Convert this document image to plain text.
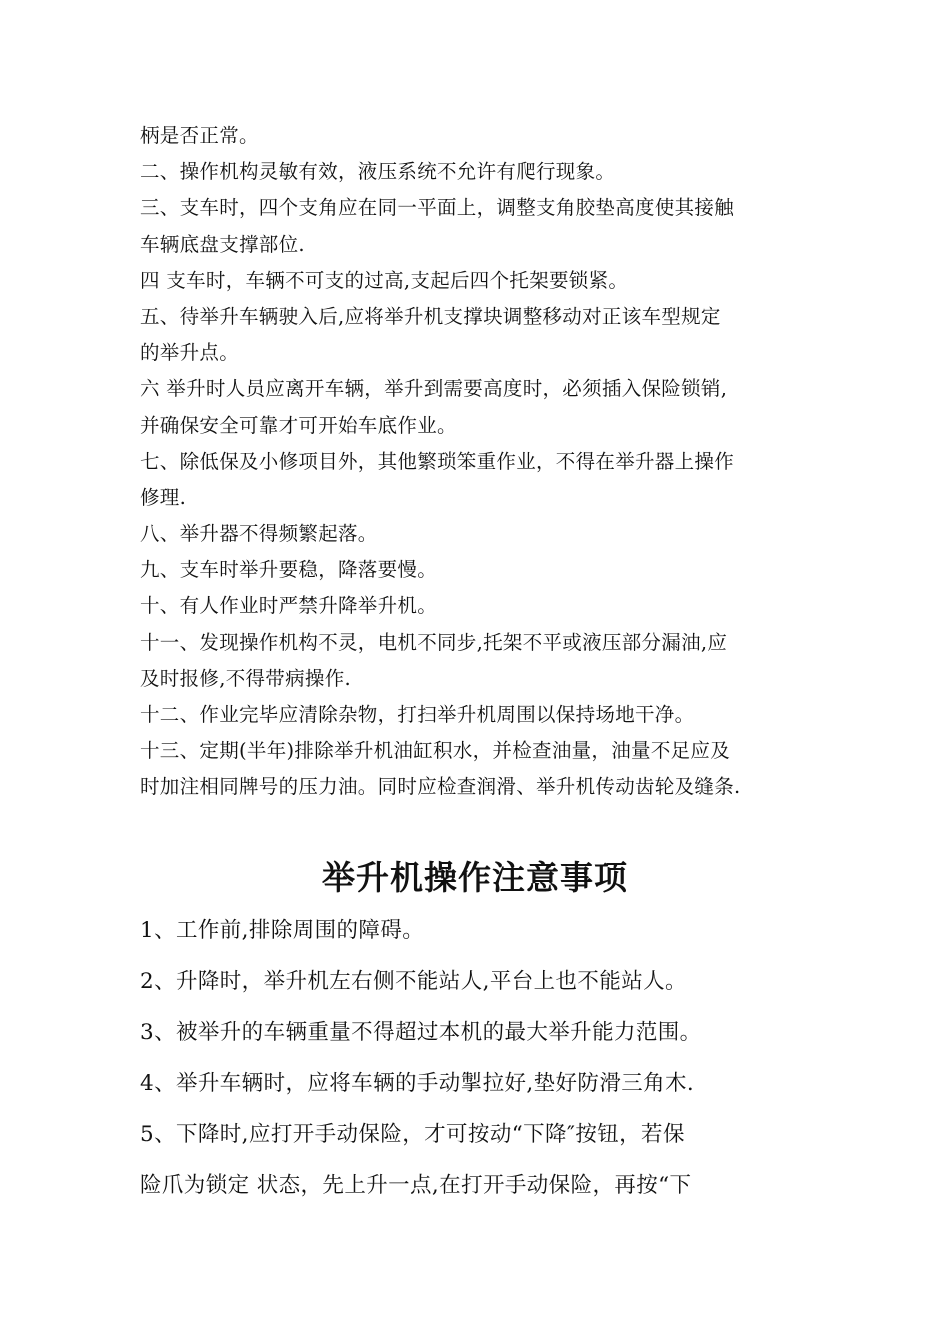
柄是否正常。
二、操作机构灵敏有效，液压系统不允许有爬行现象。
三、支车时，四个支角应在同一平面上，调整支角胶垫高度使其接触
车辆底盘支撑部位.
四 支车时，车辆不可支的过高,支起后四个托架要锁紧。
五、待举升车辆驶入后,应将举升机支撑块调整移动对正该车型规定
的举升点。
六 举升时人员应离开车辆，举升到需要高度时，必须插入保险锁销,
并确保安全可靠才可开始车底作业。
七、除低保及小修项目外，其他繁琐笨重作业，不得在举升器上操作
修理.
八、举升器不得频繁起落。
九、支车时举升要稳，降落要慢。
十、有人作业时严禁升降举升机。
十一、发现操作机构不灵，电机不同步,托架不平或液压部分漏油,应
及时报修,不得带病操作.
十二、作业完毕应清除杂物，打扫举升机周围以保持场地干净。
十三、定期(半年)排除举升机油缸积水，并检查油量，油量不足应及
时加注相同牌号的压力油。同时应检查润滑、举升机传动齿轮及缝条.
举升机操作注意事项
1、工作前,排除周围的障碍。
2、升降时，举升机左右侧不能站人,平台上也不能站人。
3、被举升的车辆重量不得超过本机的最大举升能力范围。
4、举升车辆时，应将车辆的手动掣拉好,垫好防滑三角木.
5、下降时,应打开手动保险，才可按动“下降″按钮，若保
险爪为锁定 状态，先上升一点,在打开手动保险，再按“下
